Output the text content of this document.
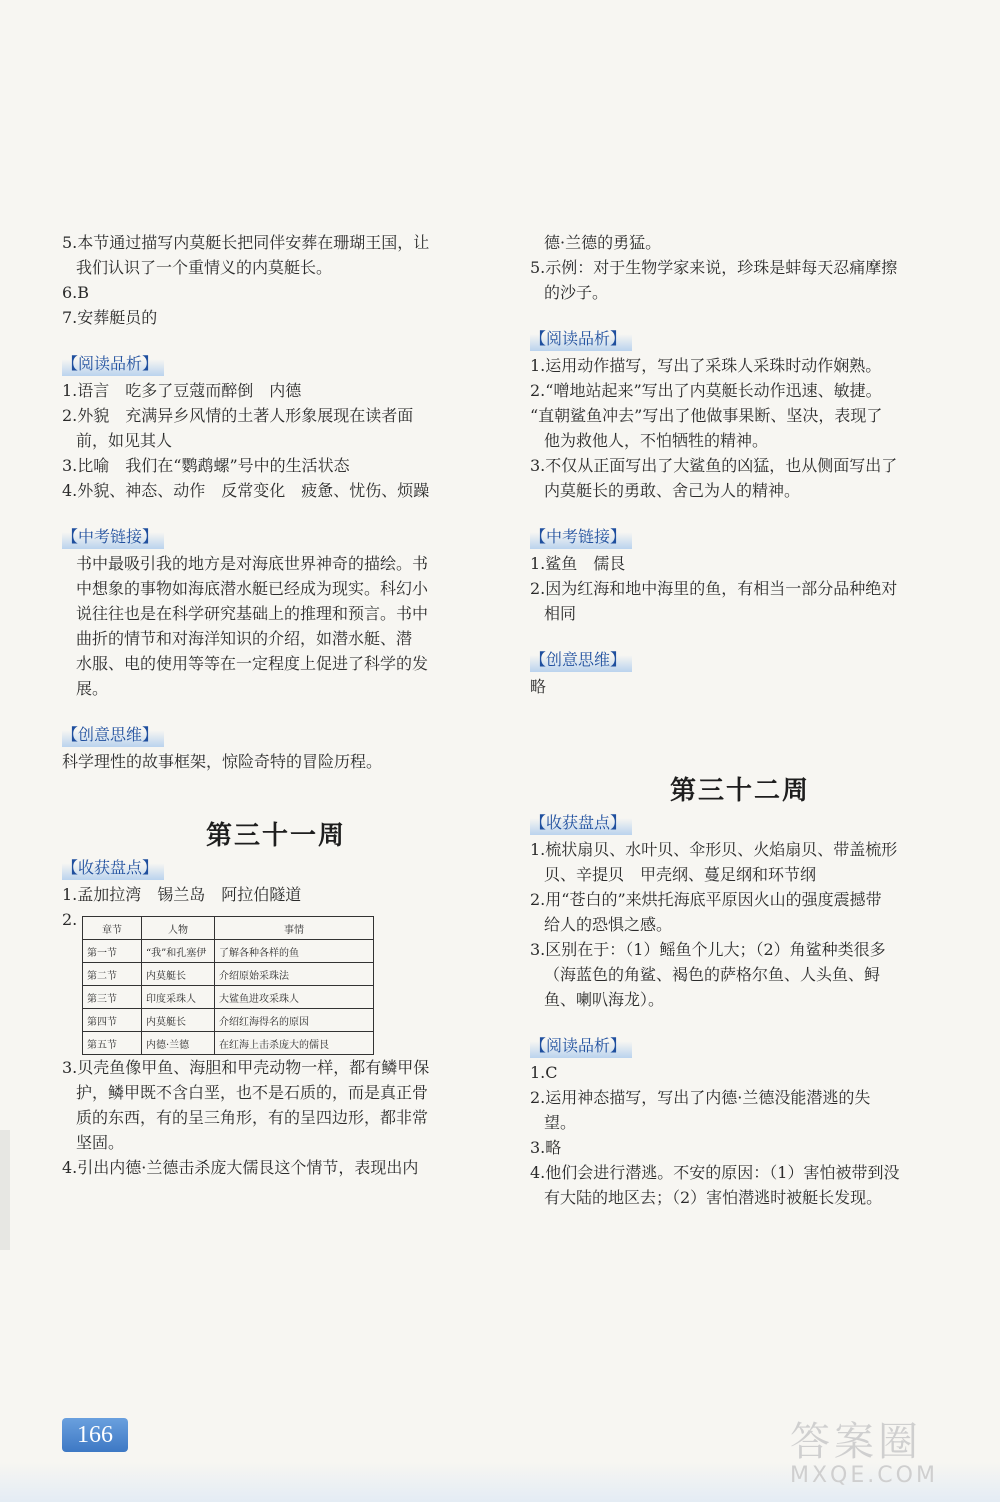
5.本节通过描写内莫艇长把同伴安葬在珊瑚王国，让
我们认识了一个重情义的内莫艇长。
6.B
7.安葬艇员的
【阅读品析】
1.语言　吃多了豆蔻而醉倒　内德
2.外貌　充满异乡风情的土著人形象展现在读者面
前，如见其人
3.比喻　我们在“鹦鹉螺”号中的生活状态
4.外貌、神态、动作　反常变化　疲惫、忧伤、烦躁
【中考链接】
书中最吸引我的地方是对海底世界神奇的描绘。书
中想象的事物如海底潜水艇已经成为现实。科幻小
说往往也是在科学研究基础上的推理和预言。书中
曲折的情节和对海洋知识的介绍，如潜水艇、潜
水服、电的使用等等在一定程度上促进了科学的发
展。
【创意思维】
科学理性的故事框架，惊险奇特的冒险历程。
第三十一周
【收获盘点】
1.孟加拉湾　锡兰岛　阿拉伯隧道
2.
章节	人物	事情
第一节	“我”和孔塞伊	了解各种各样的鱼
第二节	内莫艇长	介绍原始采珠法
第三节	印度采珠人	大鲨鱼进攻采珠人
第四节	内莫艇长	介绍红海得名的原因
第五节	内德·兰德	在红海上击杀庞大的儒艮
3.贝壳鱼像甲鱼、海胆和甲壳动物一样，都有鳞甲保
护，鳞甲既不含白垩，也不是石质的，而是真正骨
质的东西，有的呈三角形，有的呈四边形，都非常
坚固。
4.引出内德·兰德击杀庞大儒艮这个情节，表现出内
德·兰德的勇猛。
5.示例：对于生物学家来说，珍珠是蚌每天忍痛摩擦
的沙子。
【阅读品析】
1.运用动作描写，写出了采珠人采珠时动作娴熟。
2.“噌地站起来”写出了内莫艇长动作迅速、敏捷。
“直朝鲨鱼冲去”写出了他做事果断、坚决，表现了
他为救他人，不怕牺牲的精神。
3.不仅从正面写出了大鲨鱼的凶猛，也从侧面写出了
内莫艇长的勇敢、舍己为人的精神。
【中考链接】
1.鲨鱼　儒艮
2.因为红海和地中海里的鱼，有相当一部分品种绝对
相同
【创意思维】
略
第三十二周
【收获盘点】
1.梳状扇贝、水叶贝、伞形贝、火焰扇贝、带盖梳形
贝、辛提贝　甲壳纲、蔓足纲和环节纲
2.用“苍白的”来烘托海底平原因火山的强度震撼带
给人的恐惧之感。
3.区别在于：（1）鳐鱼个儿大；（2）角鲨种类很多
（海蓝色的角鲨、褐色的萨格尔鱼、人头鱼、鲟
鱼、喇叭海龙）。
【阅读品析】
1.C
2.运用神态描写，写出了内德·兰德没能潜逃的失
望。
3.略
4.他们会进行潜逃。不安的原因：（1）害怕被带到没
有大陆的地区去；（2）害怕潜逃时被艇长发现。
166	答案圈
MXQE.COM
